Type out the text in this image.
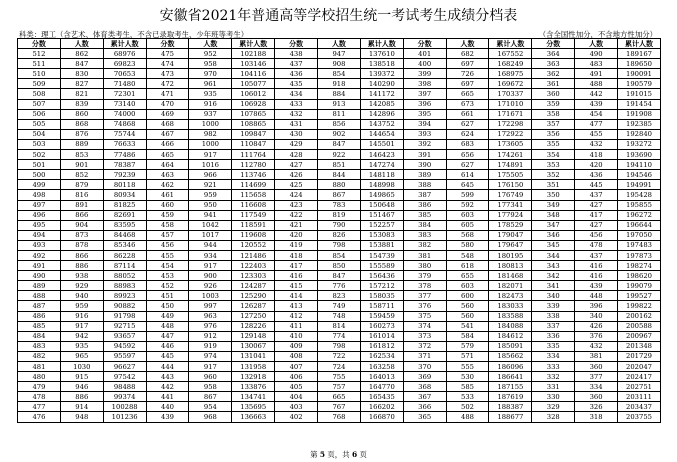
安徽省2021年普通高等学校招生统一考试考生成绩分档表
科类：理工（含艺术、体育类考生，不含已录取考生、少年班等考生）	（含全国性加分，不含地方性加分）
分数	人数	累计人数	分数	人数	累计人数	分数	人数	累计人数	分数	人数	累计人数	分数	人数	累计人数
512	862	68976	475	952	102188	438	947	137610	401	682	167552	364	490	189167
511	847	69823	474	958	103146	437	908	138518	400	697	168249	363	483	189650
510	830	70653	473	970	104116	436	854	139372	399	726	168975	362	491	190091
509	827	71480	472	961	105077	435	918	140290	398	697	169672	361	488	190579
508	821	72301	471	935	106012	434	884	141172	397	665	170337	360	442	191015
507	839	73140	470	916	106928	433	913	142085	396	673	171010	359	439	191454
506	860	74000	469	937	107865	432	811	142896	395	661	171671	358	454	191908
505	868	74868	468	1000	108865	431	856	143752	394	627	172298	357	477	192385
504	876	75744	467	982	109847	430	902	144654	393	624	172922	356	455	192840
503	889	76633	466	1000	110847	429	847	145501	392	683	173605	355	432	193272
502	853	77486	465	917	111764	428	922	146423	391	656	174261	354	418	193690
501	901	78387	464	1016	112780	427	851	147274	390	627	174891	353	420	194110
500	852	79239	463	966	113746	426	844	148118	389	614	175505	352	436	194546
499	879	80118	462	921	114699	425	880	148998	388	645	176150	351	445	194991
498	816	80934	461	959	115658	424	867	149865	387	599	176749	350	437	195428
497	891	81825	460	950	116608	423	783	150648	386	592	177341	349	427	195855
496	866	82691	459	941	117549	422	819	151467	385	603	177924	348	417	196272
495	904	83595	458	1042	118591	421	790	152257	384	605	178529	347	427	196644
494	873	84468	457	1017	119608	420	826	153083	383	568	179047	346	456	197050
493	878	85346	456	944	120552	419	798	153881	382	580	179647	345	478	197483
492	866	86228	455	934	121486	418	854	154739	381	548	180195	344	437	197873
491	886	87114	454	917	122403	417	850	155589	380	618	180813	343	416	198274
490	938	88052	453	900	123303	416	847	156436	379	655	181468	342	416	198620
489	929	88983	452	926	124287	415	776	157212	378	603	182071	341	439	199079
488	940	89923	451	1003	125290	414	823	158035	377	600	182473	340	448	199527
487	959	90882	450	997	126287	413	749	158711	376	560	183033	339	396	199822
486	916	91798	449	963	127250	412	748	159459	375	560	183588	338	340	200162
485	917	92715	448	976	128226	411	814	160273	374	541	184088	337	426	200588
484	942	93657	447	912	129148	410	774	161014	373	584	184612	336	376	200967
483	935	94592	446	919	130067	409	798	161812	372	579	185091	335	432	201348
482	965	95597	445	974	131041	408	722	162534	371	571	185662	334	381	201729
481	1030	96627	444	917	131958	407	724	163258	370	555	186096	333	360	202047
480	915	97542	443	960	132918	406	755	164013	369	530	186641	332	377	202417
479	946	98488	442	958	133876	405	757	164770	368	585	187155	331	334	202751
478	886	99374	441	867	134741	404	665	165435	367	533	187619	330	360	203111
477	914	100288	440	954	135695	403	767	166202	366	502	188387	329	326	203437
476	948	101236	439	968	136663	402	768	166870	365	488	188677	328	318	203755
第 5 页，共 6 页
